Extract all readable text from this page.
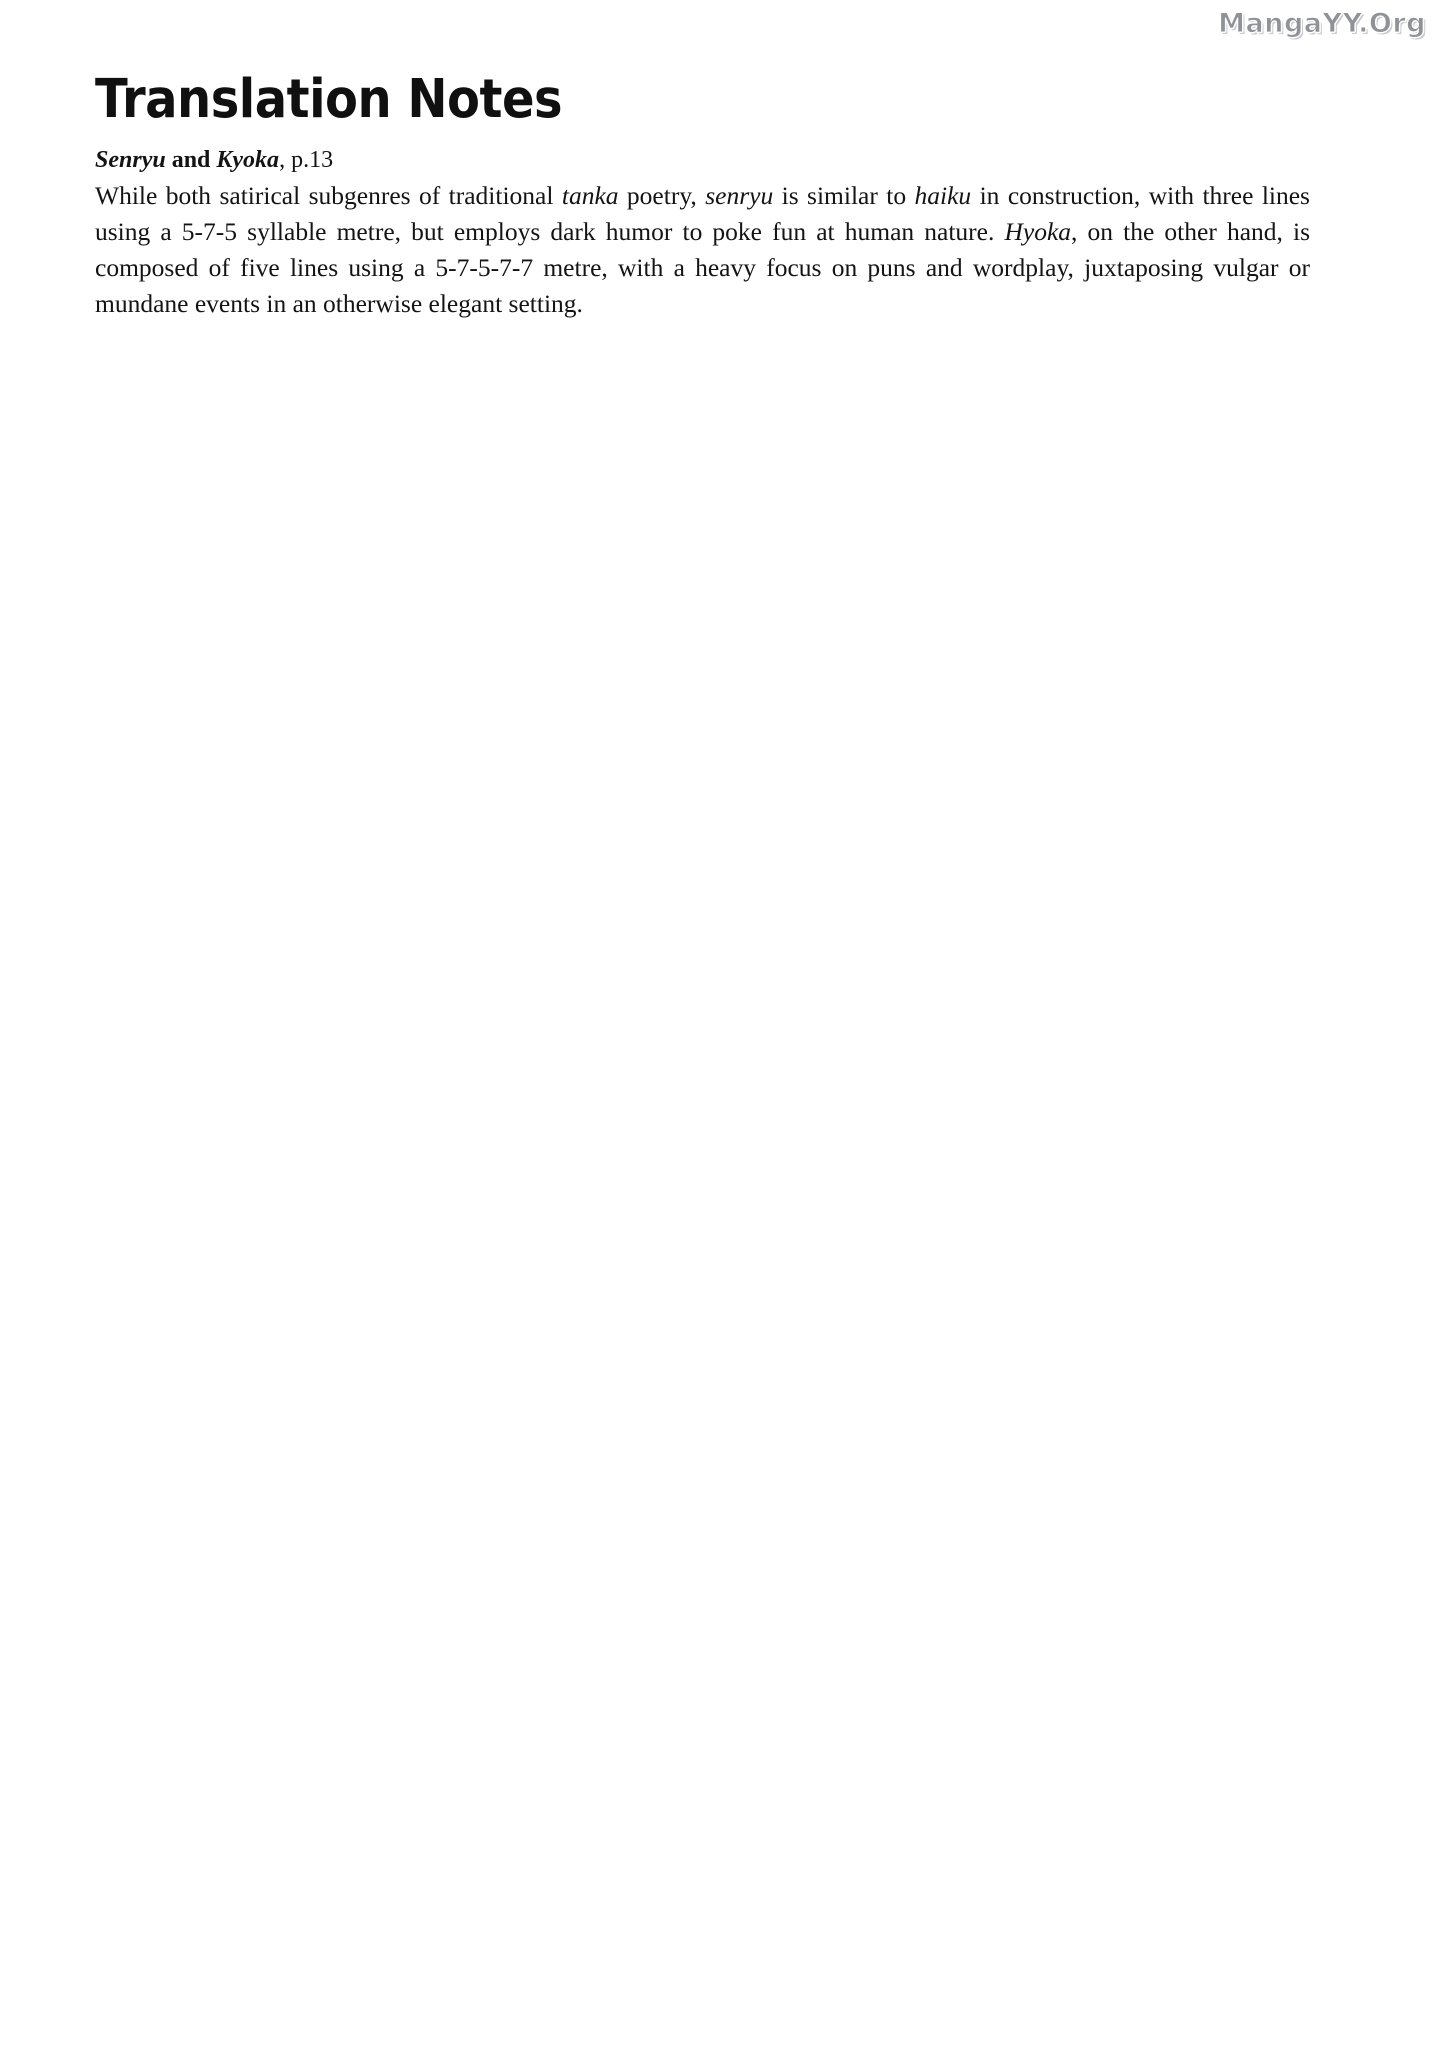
MangaYY.Org
Translation Notes
Senryu and Kyoka, p.13

While both satirical subgenres of traditional tanka poetry, senryu is similar to haiku in construction, with three lines using a 5-7-5 syllable metre, but employs dark humor to poke fun at human nature. Hyoka, on the other hand, is composed of five lines using a 5-7-5-7-7 metre, with a heavy focus on puns and wordplay, juxtaposing vulgar or mundane events in an otherwise elegant setting.
